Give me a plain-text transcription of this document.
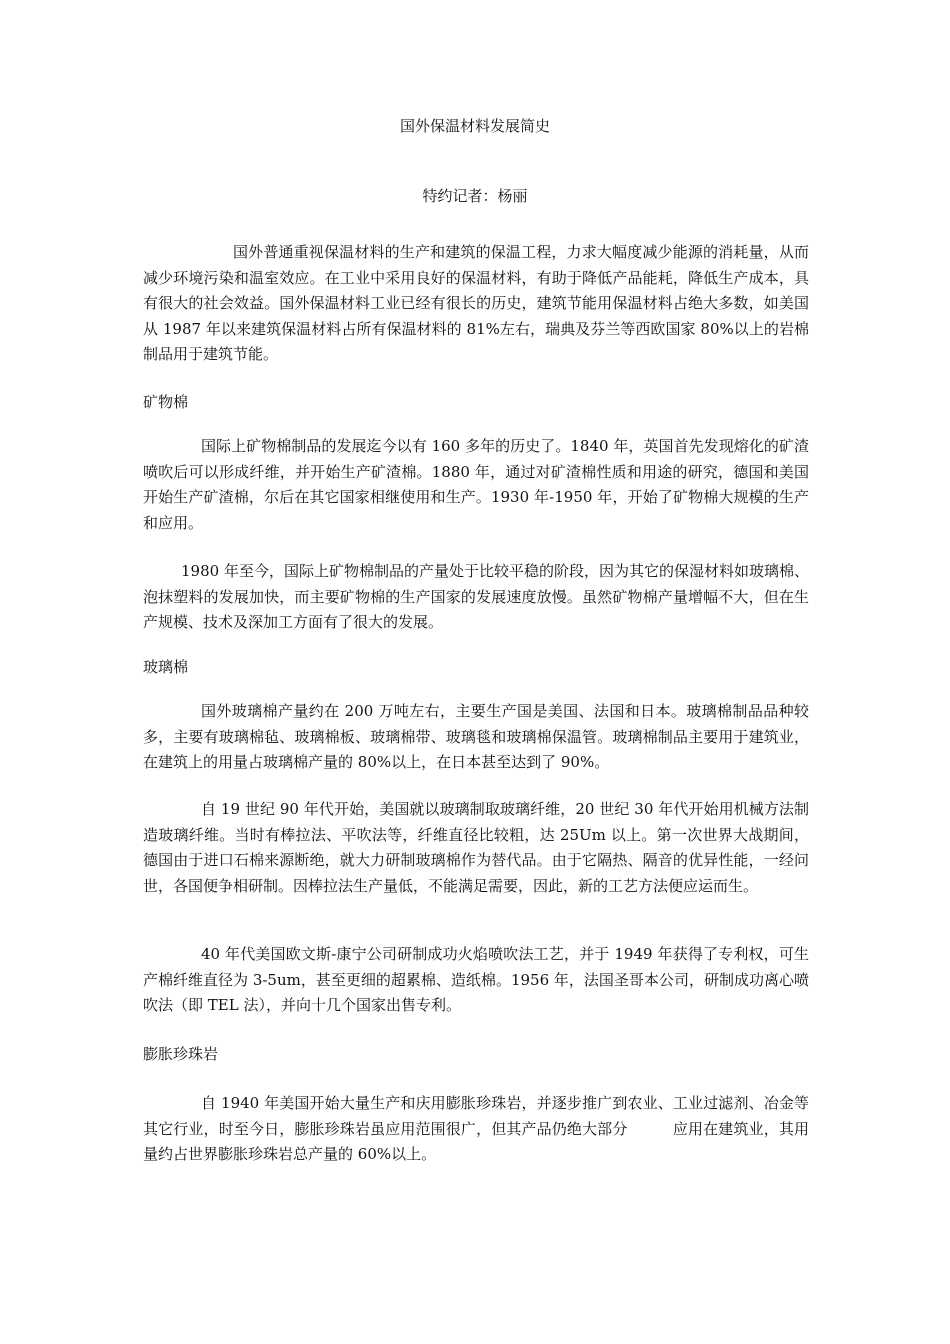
国外保温材料发展简史
特约记者：杨丽

国外普通重视保温材料的生产和建筑的保温工程，力求大幅度减少能源的消耗量，从而减少环境污染和温室效应。在工业中采用良好的保温材料，有助于降低产品能耗，降低生产成本，具有很大的社会效益。国外保温材料工业已经有很长的历史，建筑节能用保温材料占绝大多数，如美国从 1987 年以来建筑保温材料占所有保温材料的 81%左右，瑞典及芬兰等西欧国家 80%以上的岩棉制品用于建筑节能。

矿物棉

国际上矿物棉制品的发展迄今以有 160 多年的历史了。1840 年，英国首先发现熔化的矿渣喷吹后可以形成纤维，并开始生产矿渣棉。1880 年，通过对矿渣棉性质和用途的研究，德国和美国开始生产矿渣棉，尔后在其它国家相继使用和生产。1930 年-1950 年，开始了矿物棉大规模的生产和应用。

1980 年至今，国际上矿物棉制品的产量处于比较平稳的阶段，因为其它的保湿材料如玻璃棉、泡抹塑料的发展加快，而主要矿物棉的生产国家的发展速度放慢。虽然矿物棉产量增幅不大，但在生产规模、技术及深加工方面有了很大的发展。

玻璃棉

国外玻璃棉产量约在 200 万吨左右，主要生产国是美国、法国和日本。玻璃棉制品品种较多，主要有玻璃棉毡、玻璃棉板、玻璃棉带、玻璃毯和玻璃棉保温管。玻璃棉制品主要用于建筑业，在建筑上的用量占玻璃棉产量的 80%以上，在日本甚至达到了 90%。

自 19 世纪 90 年代开始，美国就以玻璃制取玻璃纤维，20 世纪 30 年代开始用机械方法制造玻璃纤维。当时有棒拉法、平吹法等，纤维直径比较粗，达 25Um 以上。第一次世界大战期间，德国由于进口石棉来源断绝，就大力研制玻璃棉作为替代品。由于它隔热、隔音的优异性能，一经问世，各国便争相研制。因棒拉法生产量低，不能满足需要，因此，新的工艺方法便应运而生。

40 年代美国欧文斯-康宁公司研制成功火焰喷吹法工艺，并于 1949 年获得了专利权，可生产棉纤维直径为 3-5um，甚至更细的超累棉、造纸棉。1956 年，法国圣哥本公司，研制成功离心喷吹法（即 TEL 法），并向十几个国家出售专利。

膨胀珍珠岩

自 1940 年美国开始大量生产和庆用膨胀珍珠岩，并逐步推广到农业、工业过滤剂、冶金等其它行业，时至今日，膨胀珍珠岩虽应用范围很广，但其产品仍绝大部分　　　应用在建筑业，其用量约占世界膨胀珍珠岩总产量的 60%以上。
